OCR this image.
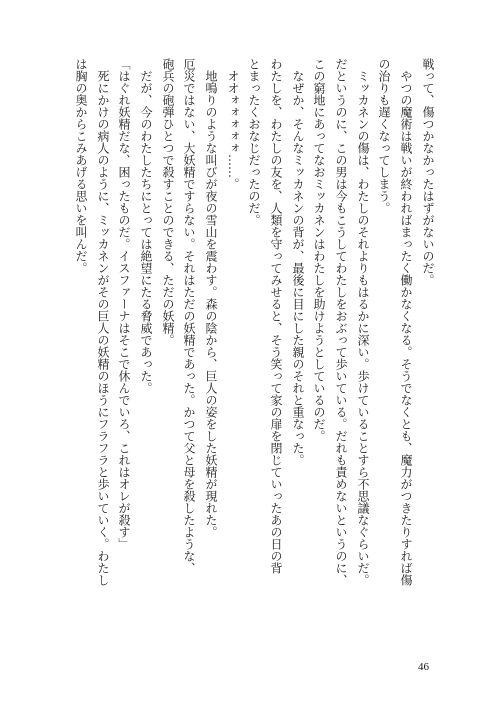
戦って、傷つかなかったはずがないのだ。
やつの魔術は戦いが終わればまったく働かなくなる。そうでなくとも、魔力がつきたりすれば傷
の治りも遅くなってしまう。
ミッカネンの傷は、わたしのそれよりもはるかに深い。歩けていることすら不思議なぐらいだ。
だというのに、この男は今もこうしてわたしをおぶって歩いている。だれも責めないというのに、
この窮地にあってなおミッカネンはわたしを助けようとしているのだ。
なぜか、そんなミッカネンの背が、最後に目にした親のそれと重なった。
わたしを、わたしの友を、人類を守ってみせると、そう笑って家の扉を閉じていったあの日の背
とまったくおなじだったのだ。
オオォォォォォ……。
地鳴りのような叫びが夜の雪山を震わす。森の陰から、巨人の姿をした妖精が現れた。
厄災ではない、大妖精ですらない。それはただの妖精であった。かつて父と母を殺したような、
砲兵の砲弾ひとつで殺すことのできる、ただの妖精。
だが、今のわたしたちにとっては絶望にたる脅威であった。
「はぐれ妖精だな、困ったものだ。イスファーナはそこで休んでいろ、これはオレが殺す」
死にかけの病人のように、ミッカネンがその巨人の妖精のほうにフラフラと歩いていく。わたし
は胸の奥からこみあげる思いを叫んだ。
46
